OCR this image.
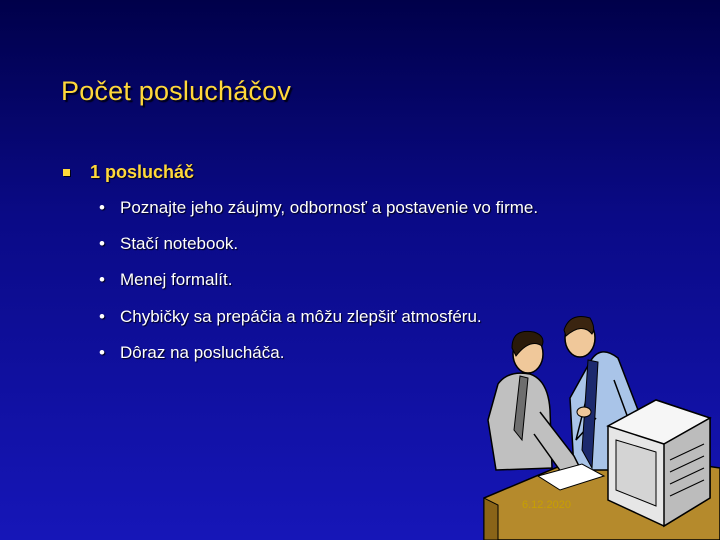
Počet poslucháčov
1 poslucháč
• Poznajte jeho záujmy, odbornosť a postavenie vo firme.
• Stačí notebook.
• Menej formalít.
• Chybičky sa prepáčia a môžu zlepšiť atmosféru.
• Dôraz na poslucháča.
6.12.2020
